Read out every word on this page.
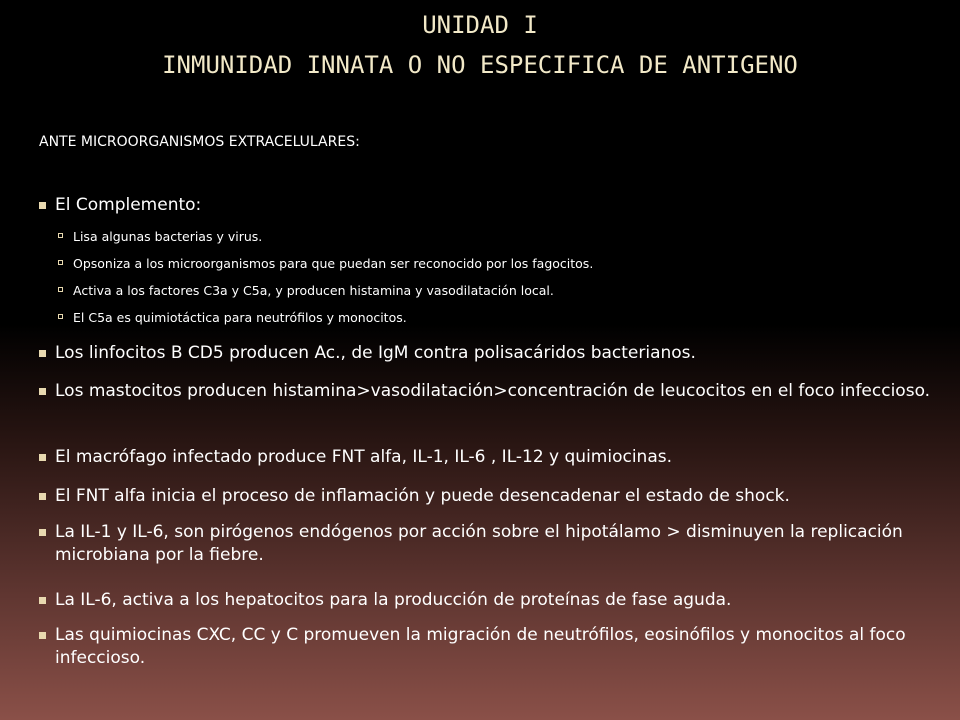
UNIDAD I
INMUNIDAD INNATA O NO ESPECIFICA DE ANTIGENO
ANTE MICROORGANISMOS EXTRACELULARES:
El Complemento:
Lisa algunas bacterias y virus.
Opsoniza a los microorganismos para que puedan ser reconocido por los fagocitos.
Activa a los factores C3a y C5a, y producen histamina y vasodilatación local.
El C5a es quimiotáctica para neutrófilos y monocitos.
Los linfocitos B CD5 producen Ac., de IgM contra polisacáridos bacterianos.
Los mastocitos producen histamina>vasodilatación>concentración de leucocitos en el foco infeccioso.
El macrófago infectado produce FNT alfa, IL-1, IL-6 , IL-12 y quimiocinas.
El FNT alfa inicia el proceso de inflamación y puede desencadenar el estado de shock.
La IL-1 y IL-6, son pirógenos endógenos por acción sobre el hipotálamo > disminuyen la replicación microbiana por la fiebre.
La IL-6, activa a los hepatocitos para la producción de proteínas de fase aguda.
Las quimiocinas CXC, CC y C promueven la migración de neutrófilos, eosinófilos y monocitos al foco infeccioso.
